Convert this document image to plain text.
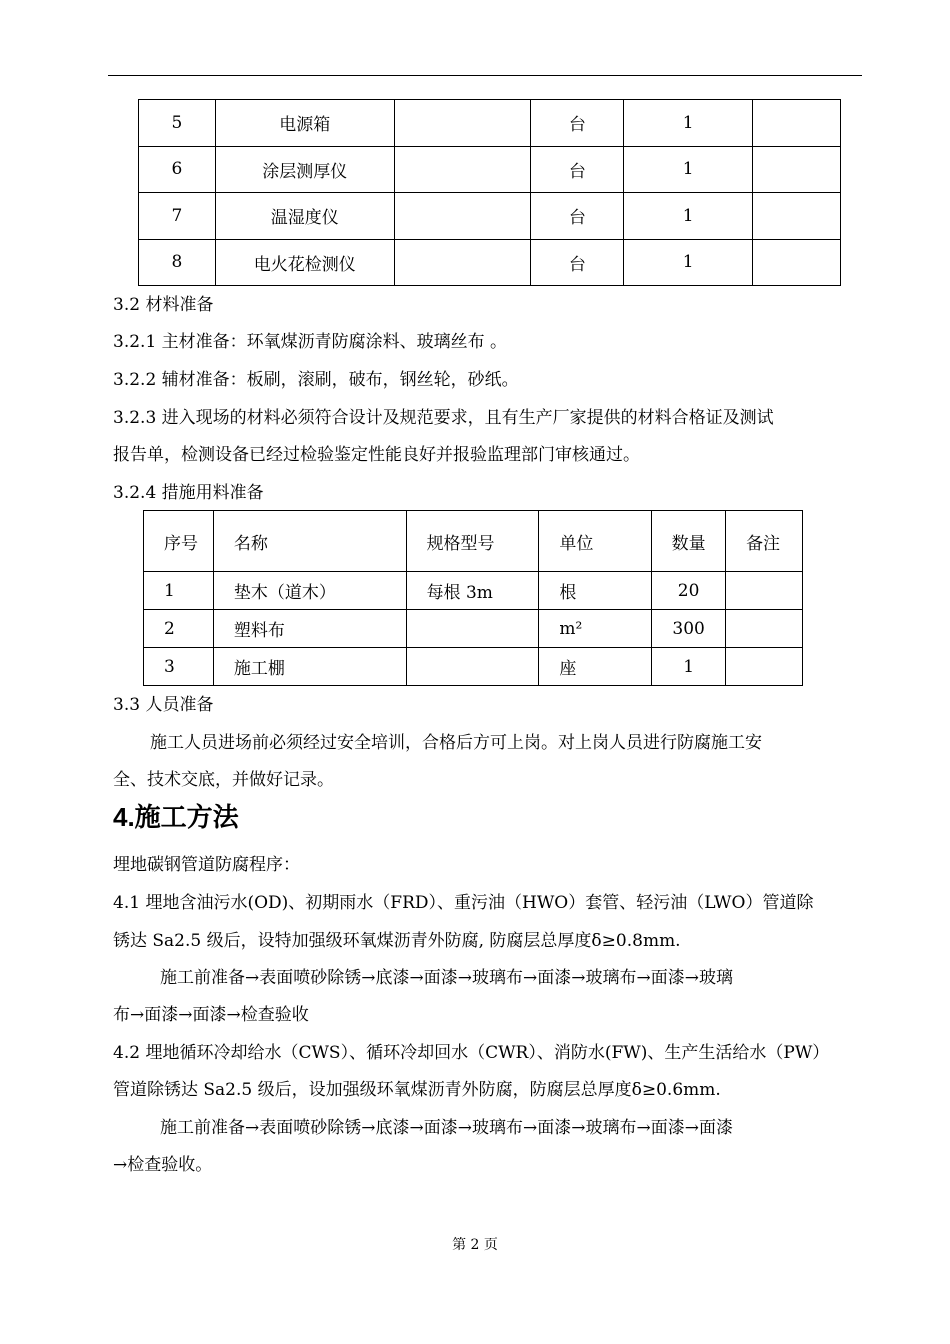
5	电源箱		台	1	
6	涂层测厚仪		台	1	
7	温湿度仪		台	1	
8	电火花检测仪		台	1	
3.2 材料准备
3.2.1 主材准备：环氧煤沥青防腐涂料、玻璃丝布 。
3.2.2 辅材准备：板刷，滚刷，破布，钢丝轮，砂纸。
3.2.3 进入现场的材料必须符合设计及规范要求，且有生产厂家提供的材料合格证及测试
报告单，检测设备已经过检验鉴定性能良好并报验监理部门审核通过。
3.2.4 措施用料准备
序号	名称	规格型号	单位	数量	备注
1	垫木（道木）	每根 3m	根	20	
2	塑料布		m²	300	
3	施工棚		座	1	
3.3 人员准备
施工人员进场前必须经过安全培训，合格后方可上岗。对上岗人员进行防腐施工安
全、技术交底，并做好记录。
4.施工方法
埋地碳钢管道防腐程序：
4.1 埋地含油污水(OD)、初期雨水（FRD）、重污油（HWO）套管、轻污油（LWO）管道除
锈达 Sa2.5 级后，设特加强级环氧煤沥青外防腐, 防腐层总厚度δ≥0.8mm.
施工前准备→表面喷砂除锈→底漆→面漆→玻璃布→面漆→玻璃布→面漆→玻璃
布→面漆→面漆→检查验收
4.2 埋地循环冷却给水（CWS）、循环冷却回水（CWR）、消防水(FW)、生产生活给水（PW）
管道除锈达 Sa2.5 级后，设加强级环氧煤沥青外防腐，防腐层总厚度δ≥0.6mm.
施工前准备→表面喷砂除锈→底漆→面漆→玻璃布→面漆→玻璃布→面漆→面漆
→检查验收。
第 2 页
